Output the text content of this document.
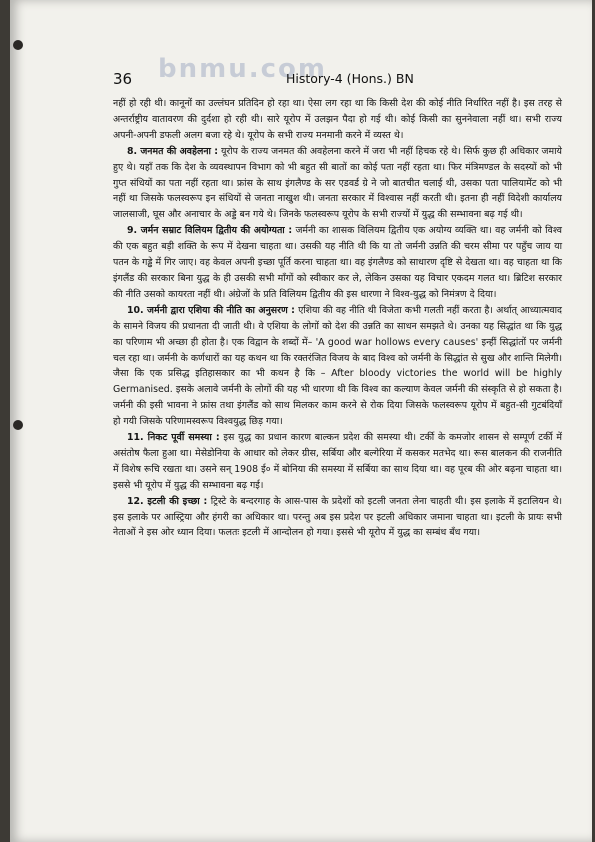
bnmu.com
36	History-4 (Hons.) BN

नहीं हो रही थी। कानूनों का उल्लंघन प्रतिदिन हो रहा था। ऐसा लग रहा था कि किसी देश की कोई नीति निर्धारित नहीं है। इस तरह से अन्तर्राष्ट्रीय वातावरण की दुर्दशा हो रही थी। सारे यूरोप में उलझन पैदा हो गई थी। कोई किसी का सुननेवाला नहीं था। सभी राज्य अपनी-अपनी डफली अलग बजा रहे थे। यूरोप के सभी राज्य मनमानी करने में व्यस्त थे।

8. जनमत की अवहेलना : यूरोप के राज्य जनमत की अवहेलना करने में जरा भी नहीं हिचक रहे थे। सिर्फ कुछ ही अधिकार जमाये हुए थे। यहाँ तक कि देश के व्यवस्थापन विभाग को भी बहुत सी बातों का कोई पता नहीं रहता था। फिर मंत्रिमण्डल के सदस्यों को भी गुप्त संधियों का पता नहीं रहता था। फ्रांस के साथ इंगलैण्ड के सर एडवर्ड ग्रे ने जो बातचीत चलाई थी, उसका पता पालियामेंट को भी नहीं था जिसके फलस्वरूप इन संधियों से जनता नाखुश थी। जनता सरकार में विश्वास नहीं करती थी। इतना ही नहीं विदेशी कार्यालय जालसाजी, घूस और अनाचार के अड्डे बन गये थे। जिनके फलस्वरूप यूरोप के सभी राज्यों में युद्ध की सम्भावना बढ़ गई थी।

9. जर्मन सम्राट विलियम द्वितीय की अयोग्यता : जर्मनी का शासक विलियम द्वितीय एक अयोग्य व्यक्ति था। वह जर्मनी को विश्व की एक बहुत बड़ी शक्ति के रूप में देखना चाहता था। उसकी यह नीति थी कि या तो जर्मनी उन्नति की चरम सीमा पर पहुँच जाय या पतन के गड्ढे में गिर जाए। वह केवल अपनी इच्छा पूर्ति करना चाहता था। वह इंगलैण्ड को साधारण दृष्टि से देखता था। वह चाहता था कि इंगलैंड की सरकार बिना युद्ध के ही उसकी सभी माँगों को स्वीकार कर ले, लेकिन उसका यह विचार एकदम गलत था। ब्रिटिश सरकार की नीति उसको कायरता नहीं थी। अंग्रेजों के प्रति विलियम द्वितीय की इस धारणा ने विश्व-युद्ध को निमंत्रण दे दिया।

10. जर्मनी द्वारा एशिया की नीति का अनुसरण : एशिया की वह नीति थी विजेता कभी गलती नहीं करता है। अर्थात् आध्यात्मवाद के सामने विजय की प्रधानता दी जाती थी। वे एशिया के लोगों को देश की उन्नति का साधन समझते थे। उनका यह सिद्धांत था कि युद्ध का परिणाम भी अच्छा ही होता है। एक विद्वान के शब्दों में– 'A good war hollows every causes' इन्हीं सिद्धांतों पर जर्मनी चल रहा था। जर्मनी के कर्णधारों का यह कथन था कि रक्तरंजित विजय के बाद विश्व को जर्मनी के सिद्धांत से सुख और शान्ति मिलेगी। जैसा कि एक प्रसिद्ध इतिहासकार का भी कथन है कि – After bloody victories the world will be highly Germanised. इसके अलावे जर्मनी के लोगों की यह भी धारणा थी कि विश्व का कल्याण केवल जर्मनी की संस्कृति से हो सकता है। जर्मनी की इसी भावना ने फ्रांस तथा इंगलैंड को साथ मिलकर काम करने से रोक दिया जिसके फलस्वरूप यूरोप में बहुत-सी गुटबंदियाँ हो गयी जिसके परिणामस्वरूप विश्वयुद्ध छिड़ गया।

11. निकट पूर्वी समस्या : इस युद्ध का प्रधान कारण बाल्कन प्रदेश की समस्या थी। टर्की के कमजोर शासन से सम्पूर्ण टर्की में असंतोष फैला हुआ था। मेसेडोनिया के आधार को लेकर ग्रीस, सर्बिया और बल्गेरिया में कसकर मतभेद था। रूस बालकन की राजनीति में विशेष रूचि रखता था। उसने सन् 1908 ई० में बोनिया की समस्या में सर्बिया का साथ दिया था। वह पूरब की ओर बढ़ना चाहता था। इससे भी यूरोप में युद्ध की सम्भावना बढ़ गई।

12. इटली की इच्छा : ट्रिस्टे के बन्दरगाह के आस-पास के प्रदेशों को इटली जनता लेना चाहती थी। इस इलाके में इटालियन थे। इस इलाके पर आस्ट्रिया और हंगरी का अधिकार था। परन्तु अब इस प्रदेश पर इटली अधिकार जमाना चाहता था। इटली के प्रायः सभी नेताओं ने इस ओर ध्यान दिया। फलतः इटली में आन्दोलन हो गया। इससे भी यूरोप में युद्ध का सम्बंध बँध गया।
